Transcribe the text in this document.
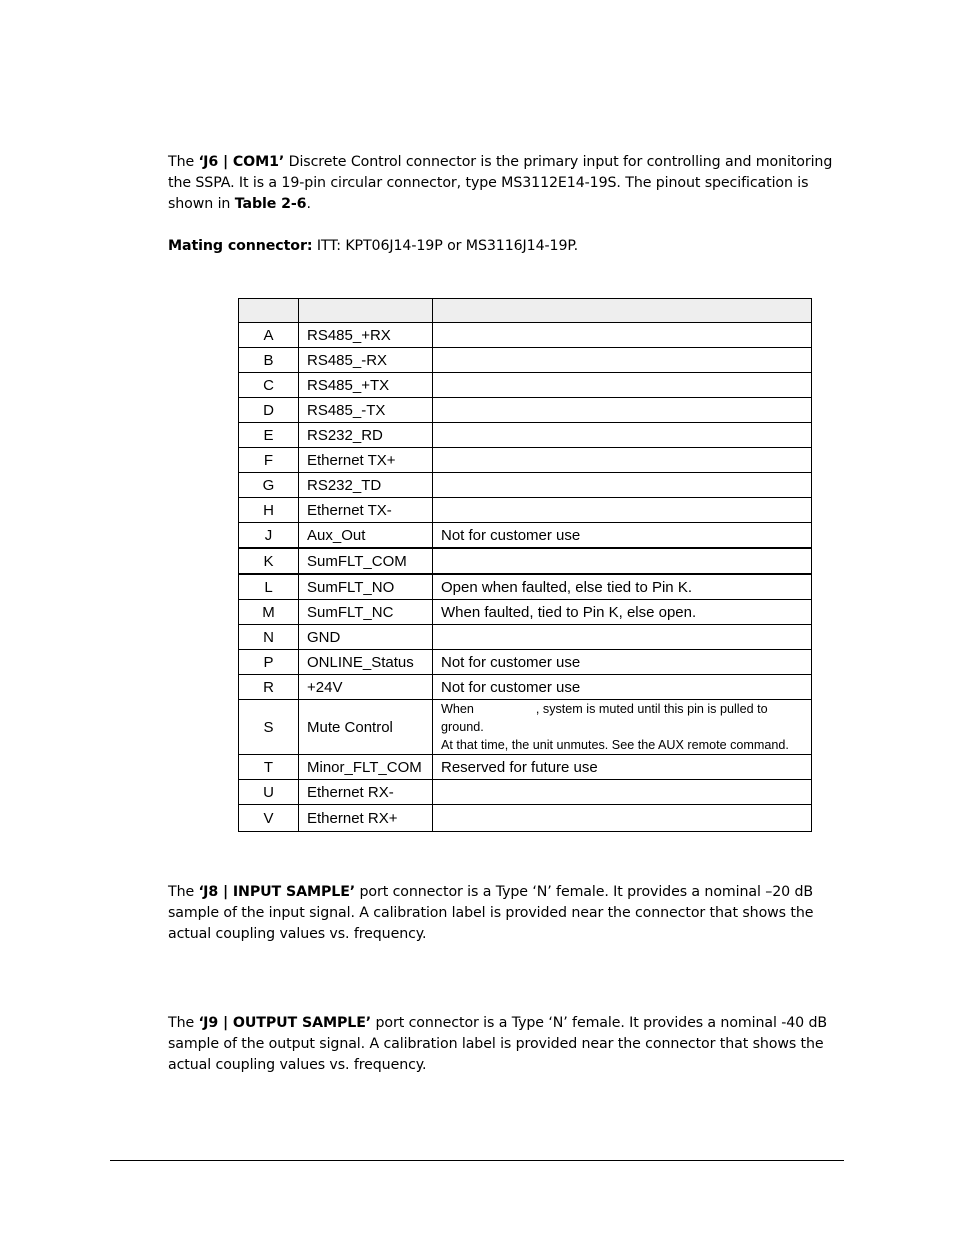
The ‘J6 | COM1’ Discrete Control connector is the primary input for controlling and monitoring the SSPA. It is a 19-pin circular connector, type MS3112E14-19S. The pinout specification is shown in Table 2-6.
Mating connector: ITT: KPT06J14-19P or MS3116J14-19P.

A	RS485_+RX	
B	RS485_-RX	
C	RS485_+TX	
D	RS485_-TX	
E	RS232_RD	
F	Ethernet TX+	
G	RS232_TD	
H	Ethernet TX-	
J	Aux_Out	Not for customer use
K	SumFLT_COM	
L	SumFLT_NO	Open when faulted, else tied to Pin K.
M	SumFLT_NC	When faulted, tied to Pin K, else open.
N	GND	
P	ONLINE_Status	Not for customer use
R	+24V	Not for customer use
S	Mute Control	When , system is muted until this pin is pulled to ground.
At that time, the unit unmutes. See the AUX remote command.

T	Minor_FLT_COM	Reserved for future use
U	Ethernet RX-	
V	Ethernet RX+	
The ‘J8 | INPUT SAMPLE’ port connector is a Type ‘N’ female. It provides a nominal –20 dB sample of the input signal. A calibration label is provided near the connector that shows the actual coupling values vs. frequency.
The ‘J9 | OUTPUT SAMPLE’ port connector is a Type ‘N’ female. It provides a nominal -40 dB sample of the output signal. A calibration label is provided near the connector that shows the actual coupling values vs. frequency.
